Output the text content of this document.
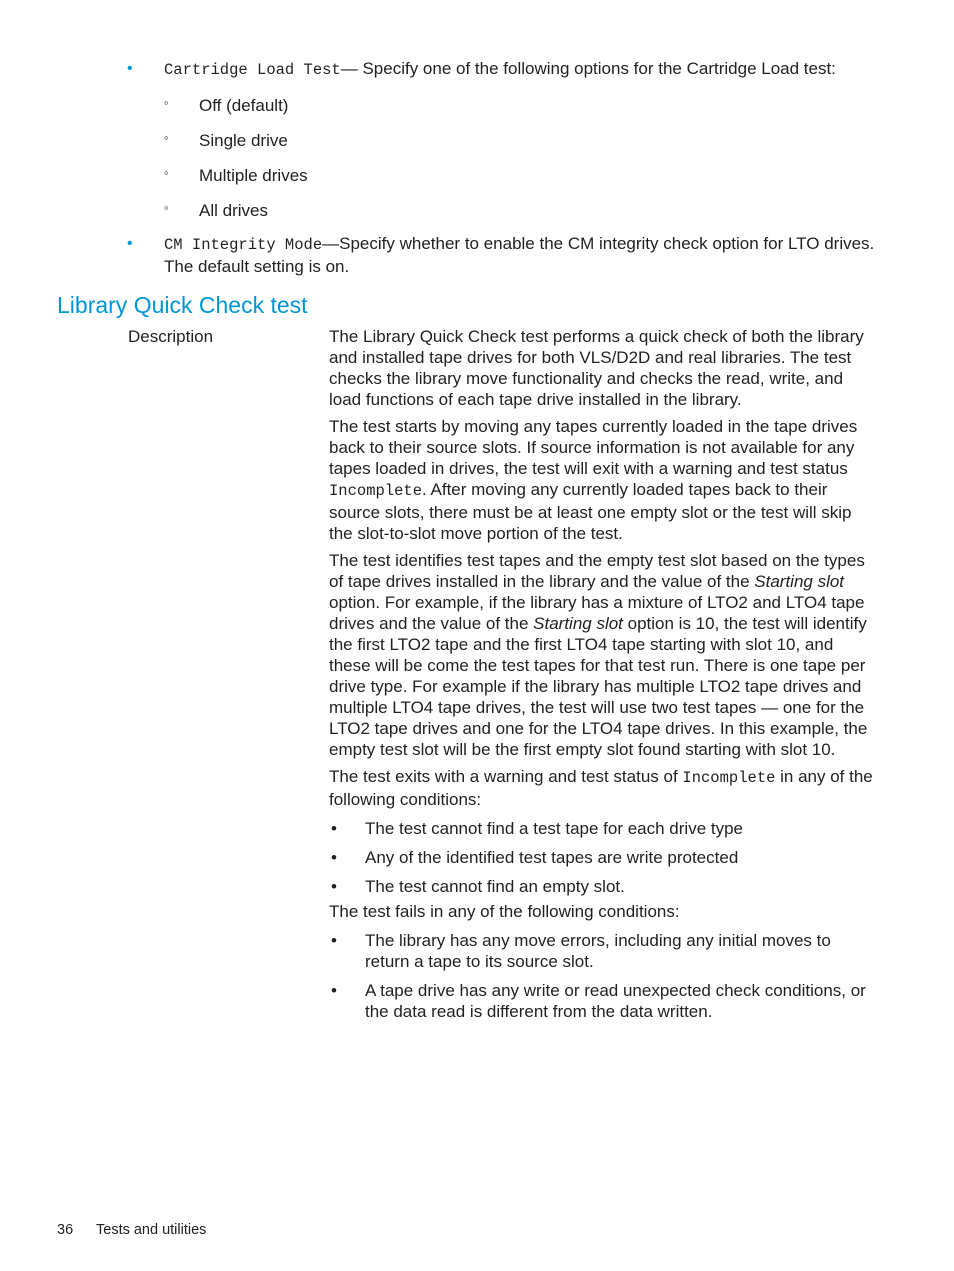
• Cartridge Load Test— Specify one of the following options for the Cartridge Load test:
◦ Off (default)
◦ Single drive
◦ Multiple drives
◦ All drives
• CM Integrity Mode—Specify whether to enable the CM integrity check option for LTO drives. The default setting is on.
Library Quick Check test
Description	The Library Quick Check test performs a quick check of both the library and installed tape drives for both VLS/D2D and real libraries. The test checks the library move functionality and checks the read, write, and load functions of each tape drive installed in the library.

The test starts by moving any tapes currently loaded in the tape drives back to their source slots. If source information is not available for any tapes loaded in drives, the test will exit with a warning and test status Incomplete. After moving any currently loaded tapes back to their source slots, there must be at least one empty slot or the test will skip the slot-to-slot move portion of the test.

The test identifies test tapes and the empty test slot based on the types of tape drives installed in the library and the value of the Starting slot option. For example, if the library has a mixture of LTO2 and LTO4 tape drives and the value of the Starting slot option is 10, the test will identify the first LTO2 tape and the first LTO4 tape starting with slot 10, and these will be come the test tapes for that test run. There is one tape per drive type. For example if the library has multiple LTO2 tape drives and multiple LTO4 tape drives, the test will use two test tapes — one for the LTO2 tape drives and one for the LTO4 tape drives. In this example, the empty test slot will be the first empty slot found starting with slot 10.

The test exits with a warning and test status of Incomplete in any of the following conditions:

• The test cannot find a test tape for each drive type
• Any of the identified test tapes are write protected
• The test cannot find an empty slot.

The test fails in any of the following conditions:

• The library has any move errors, including any initial moves to return a tape to its source slot.
• A tape drive has any write or read unexpected check conditions, or the data read is different from the data written.
36 Tests and utilities
